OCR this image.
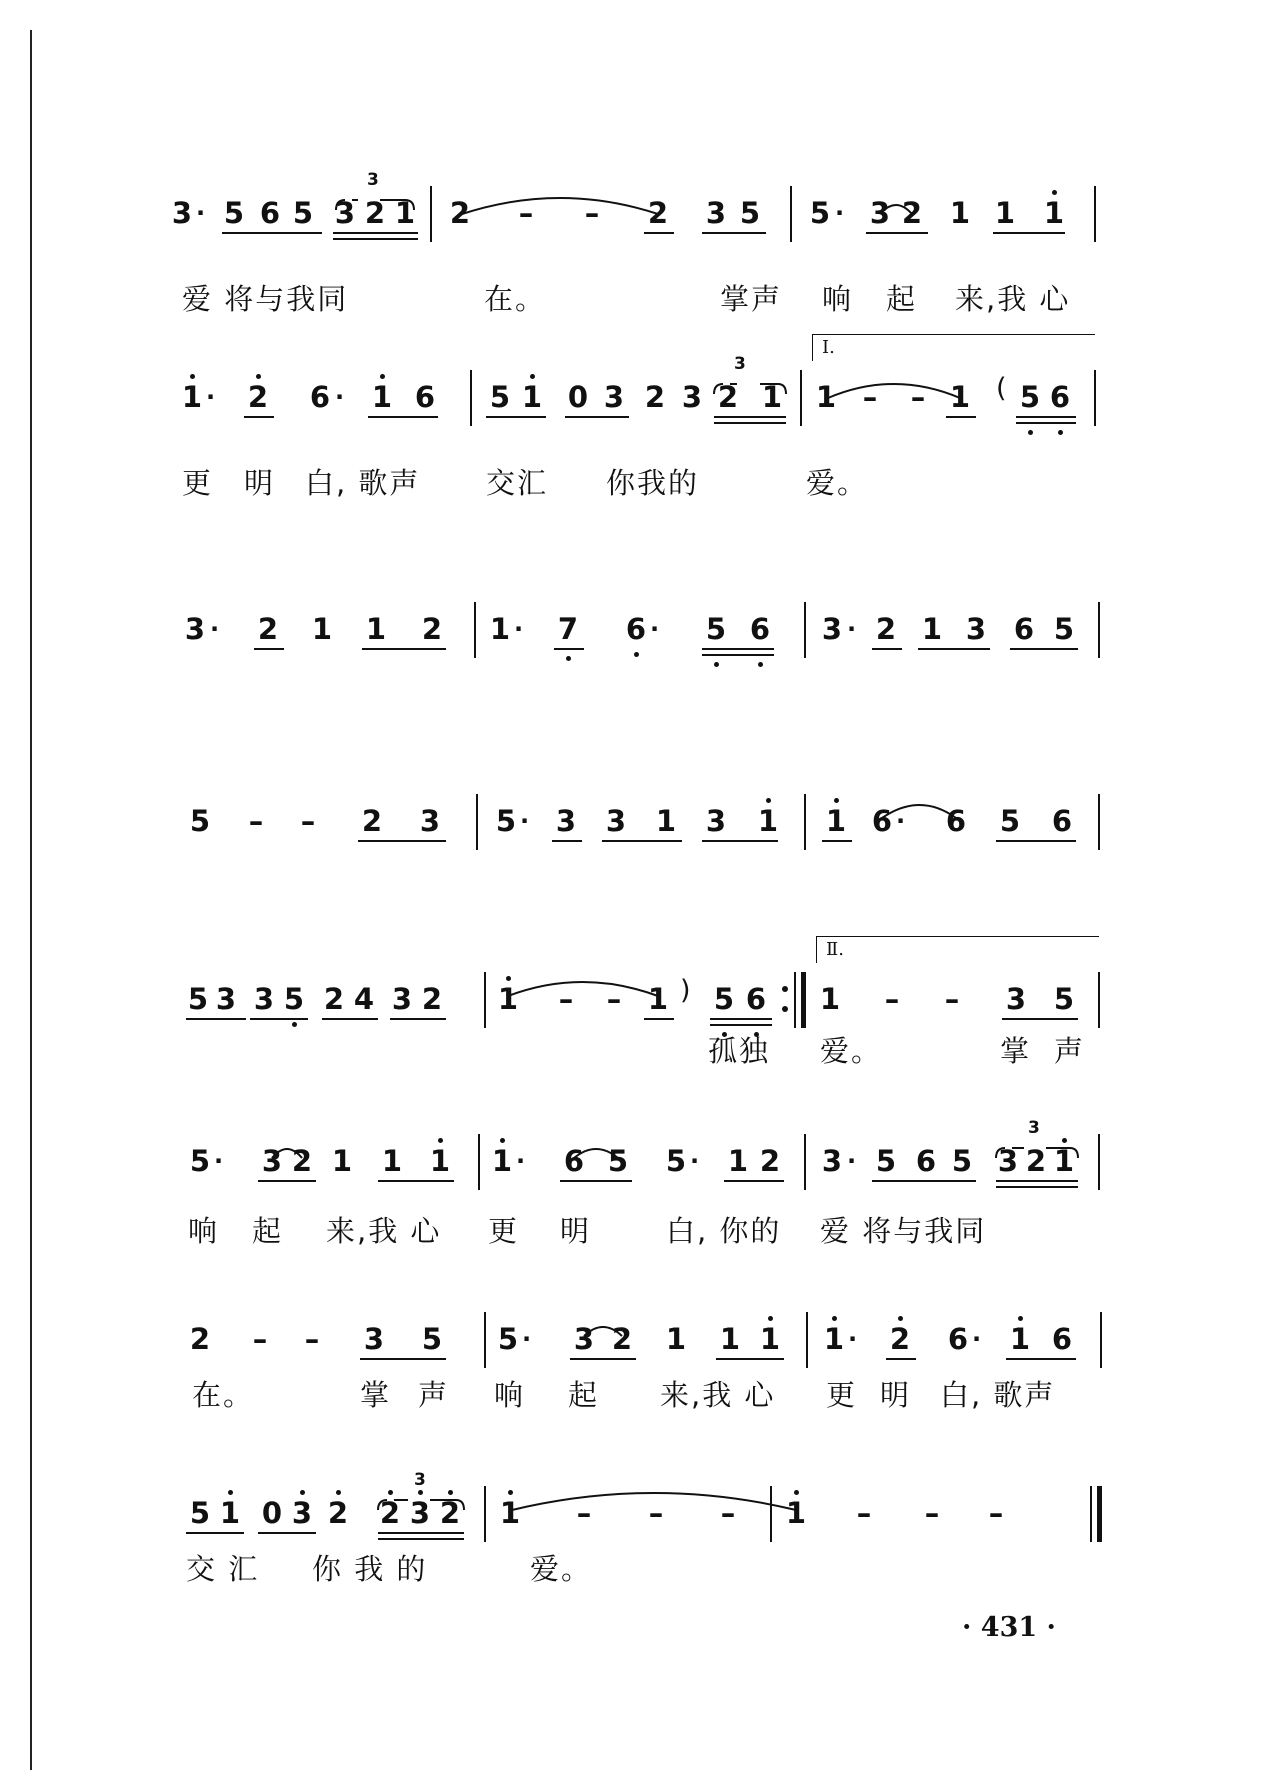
3 · 5 6 5 3 2 1
3
2	– –	2	3 5	5 · 3 2 1 1 1
爱 将与我同	在。	掌声 响 起 来,我 心
1 ·	2	6 · 1 6	5 1 0 3 2 3 2 1
3
1 – – 1 ( 5 6
Ⅰ.
更 明 白, 歌声 交汇 你我的	爱。
3 ·	2	1	1	2	1 ·	7	6 ·	5 6	3 · 2 1 3 6 5
5	– –	2	3	5 · 3	3	1	3	1	1 6 ·	6	5	6
5 3 3 5 2 4 3 2	1	– – 1 ) 5 6	1	– –	3 5
Ⅱ.
孤独 爱。	掌 声
5 ·	3 2 1	1 1	1 ·	6 5	5 · 1 2	3 · 5 6 5 3 2 1
3
响 起 来,我 心 更 明	白, 你的 爱 将与我同
2	– –	3	5	5 ·	3 2	1	1 1	1 ·	2	6 · 1 6
在。	掌 声 响 起 来,我 心 更 明 白, 歌声
5 1 0 3 2	2 3 2
3
1	– – –	1	– – –
交 汇 你 我 的	爱。
· 431 ·
